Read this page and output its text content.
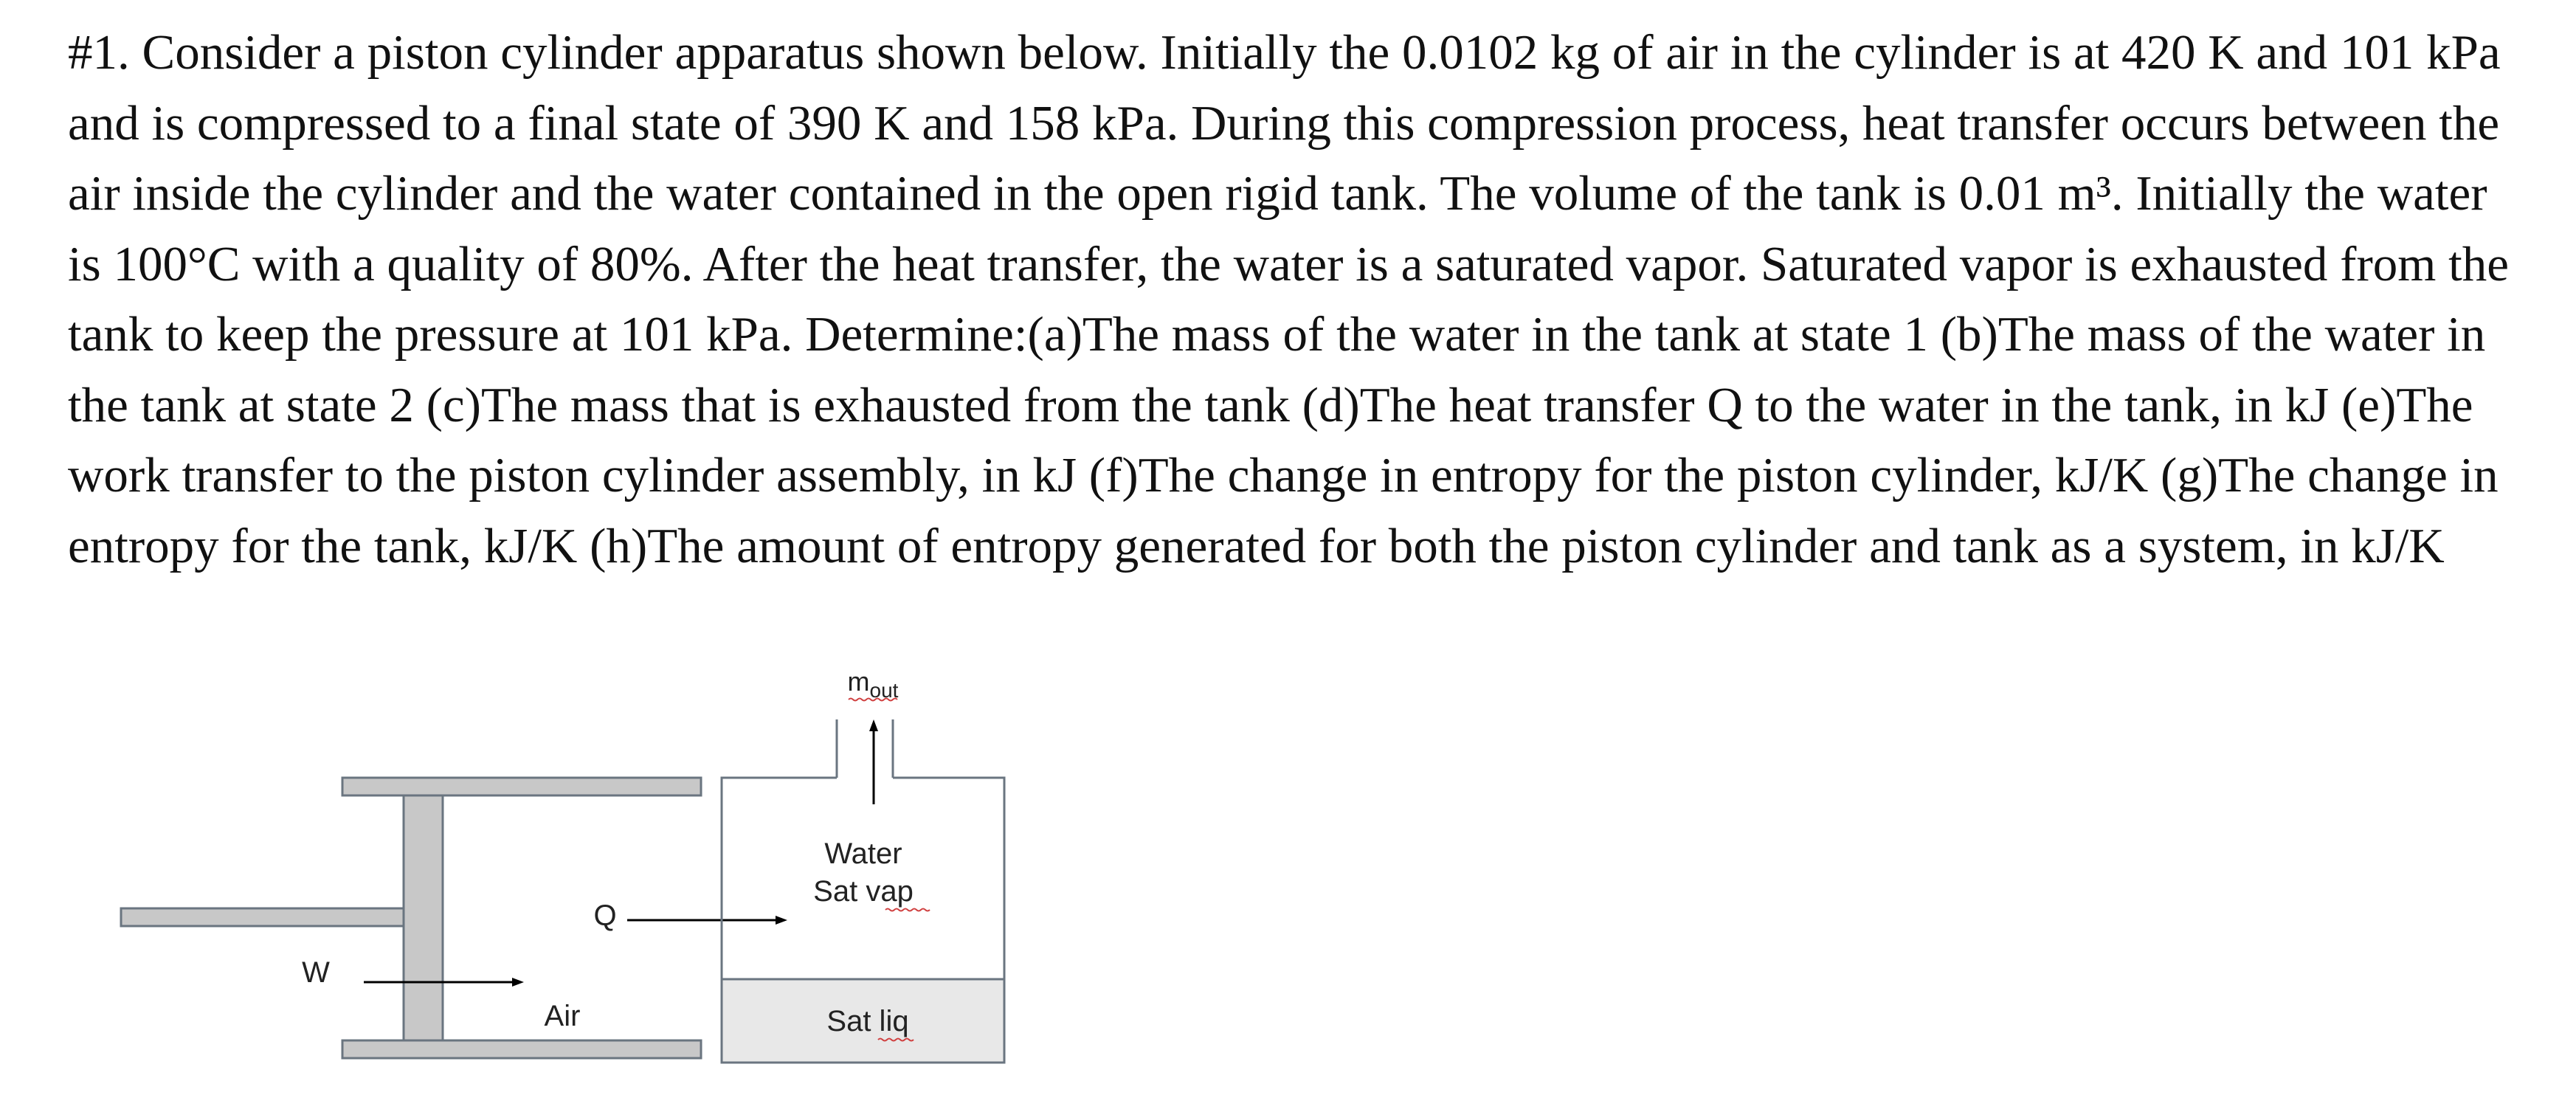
#1. Consider a piston cylinder apparatus shown below. Initially the 0.0102 kg of air in the cylinder is at 420 K and 101 kPa and is compressed to a final state of 390 K and 158 kPa. During this compression process, heat transfer occurs between the air inside the cylinder and the water contained in the open rigid tank. The volume of the tank is 0.01 m³. Initially the water is 100°C with a quality of 80%. After the heat transfer, the water is a saturated vapor. Saturated vapor is exhausted from the tank to keep the pressure at 101 kPa. Determine:(a)The mass of the water in the tank at state 1 (b)The mass of the water in the tank at state 2 (c)The mass that is exhausted from the tank (d)The heat transfer Q to the water in the tank, in kJ (e)The work transfer to the piston cylinder assembly, in kJ (f)The change in entropy for the piston cylinder, kJ/K (g)The change in entropy for the tank, kJ/K (h)The amount of entropy generated for both the piston cylinder and tank as a system, in kJ/K

W
Air
Q
$m_{out}$
Water
Sat vap
Sat liq
